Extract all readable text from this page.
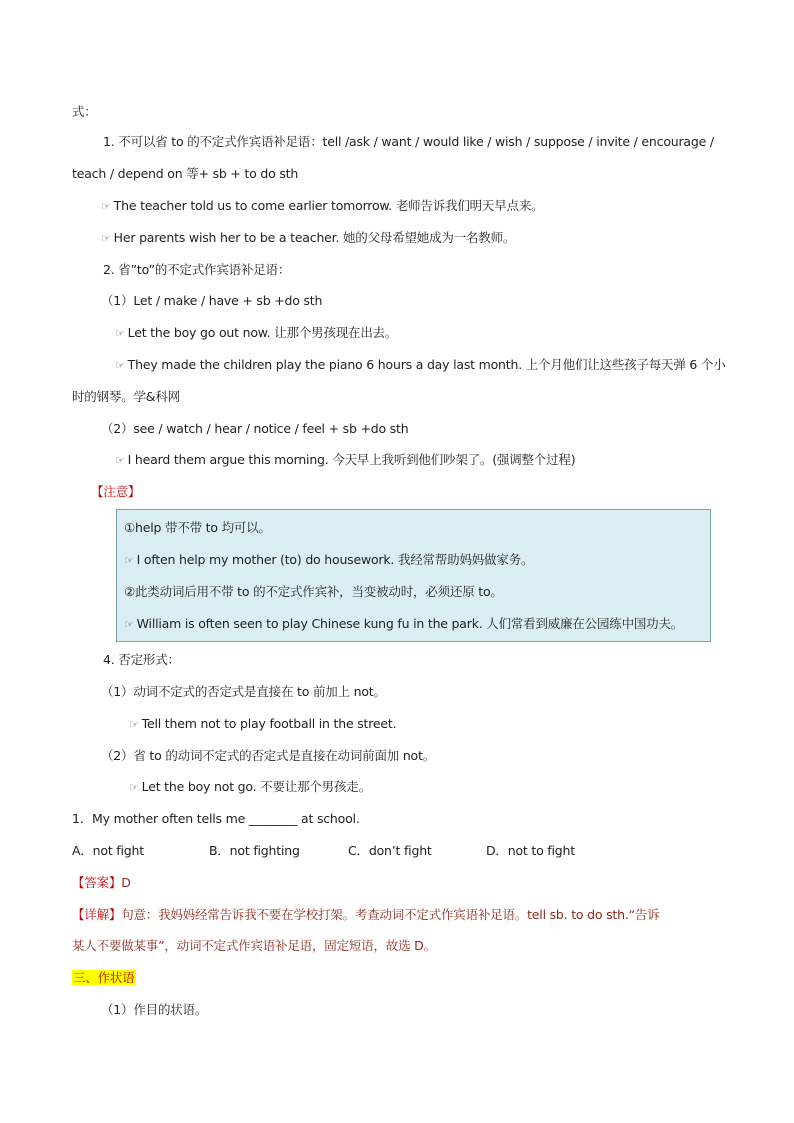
式：
1. 不可以省 to 的不定式作宾语补足语：tell /ask / want / would like / wish / suppose / invite / encourage /
teach / depend on 等+ sb + to do sth
☞ The teacher told us to come earlier tomorrow. 老师告诉我们明天早点来。
☞ Her parents wish her to be a teacher. 她的父母希望她成为一名教师。
2. 省”to”的不定式作宾语补足语：
（1）Let / make / have + sb +do sth
☞ Let the boy go out now. 让那个男孩现在出去。
☞ They made the children play the piano 6 hours a day last month. 上个月他们让这些孩子每天弹 6 个小
时的钢琴。学&科网
（2）see / watch / hear / notice / feel + sb +do sth
☞ I heard them argue this morning. 今天早上我听到他们吵架了。(强调整个过程)
【注意】
①help 带不带 to 均可以。
☞ I often help my mother (to) do housework. 我经常帮助妈妈做家务。
②此类动词后用不带 to 的不定式作宾补，当变被动时，必须还原 to。
☞ William is often seen to play Chinese kung fu in the park. 人们常看到威廉在公园练中国功夫。
4. 否定形式：
（1）动词不定式的否定式是直接在 to 前加上 not。
☞ Tell them not to play football in the street.
（2）省 to 的动词不定式的否定式是直接在动词前面加 not。
☞ Let the boy not go. 不要让那个男孩走。
1．My mother often tells me ________ at school.
A．not fight	B．not fighting	C．don’t fight	D．not to fight
【答案】D
【详解】句意：我妈妈经常告诉我不要在学校打架。考查动词不定式作宾语补足语。tell sb. to do sth.“告诉
某人不要做某事”，动词不定式作宾语补足语，固定短语，故选 D。
三、作状语
（1）作目的状语。
